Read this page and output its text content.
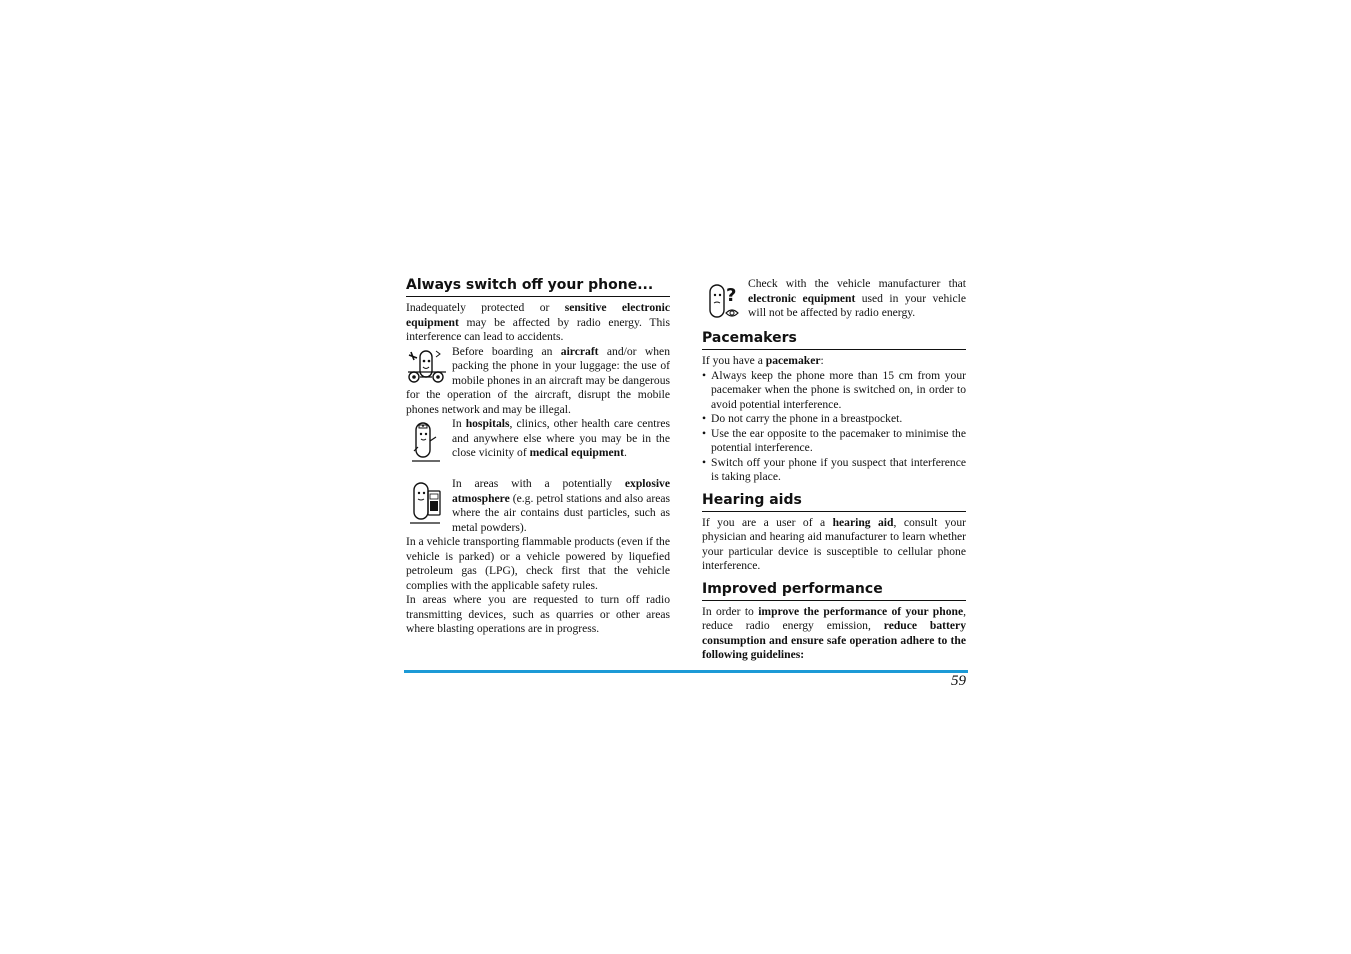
Always switch off your phone...

Inadequately protected or sensitive electronic equipment may be affected by radio energy. This interference can lead to accidents.

Before boarding an aircraft and/or when packing the phone in your luggage: the use of mobile phones in an aircraft may be dangerous for the operation of the aircraft, disrupt the mobile phones network and may be illegal.

In hospitals, clinics, other health care centres and anywhere else where you may be in the close vicinity of medical equipment.

In areas with a potentially explosive atmosphere (e.g. petrol stations and also areas where the air contains dust particles, such as metal powders).

In a vehicle transporting flammable products (even if the vehicle is parked) or a vehicle powered by liquefied petroleum gas (LPG), check first that the vehicle complies with the applicable safety rules.

In areas where you are requested to turn off radio transmitting devices, such as quarries or other areas where blasting operations are in progress.

?

Check with the vehicle manufacturer that electronic equipment used in your vehicle will not be affected by radio energy.

Pacemakers

If you have a pacemaker:

• Always keep the phone more than 15 cm from your pacemaker when the phone is switched on, in order to avoid potential interference.
• Do not carry the phone in a breastpocket.
• Use the ear opposite to the pacemaker to minimise the potential interference.
• Switch off your phone if you suspect that interference is taking place.
Hearing aids

If you are a user of a hearing aid, consult your physician and hearing aid manufacturer to learn whether your particular device is susceptible to cellular phone interference.

Improved performance

In order to improve the performance of your phone, reduce radio energy emission, reduce battery consumption and ensure safe operation adhere to the following guidelines:

59
